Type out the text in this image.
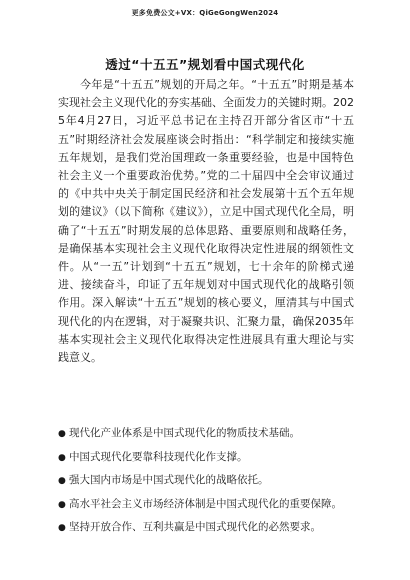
更多免费公文+VX：QiGeGongWen2024
透过“十五五”规划看中国式现代化

今年是“十五五”规划的开局之年。“十五五”时期是基本实现社会主义现代化的夯实基础、全面发力的关键时期。2025年4月27日，习近平总书记在主持召开部分省区市“十五五”时期经济社会发展座谈会时指出：“科学制定和接续实施五年规划，是我们党治国理政一条重要经验，也是中国特色社会主义一个重要政治优势。”党的二十届四中全会审议通过的《中共中央关于制定国民经济和社会发展第十五个五年规划的建议》（以下简称《建议》），立足中国式现代化全局，明确了“十五五”时期发展的总体思路、重要原则和战略任务，是确保基本实现社会主义现代化取得决定性进展的纲领性文件。从“一五”计划到“十五五”规划，七十余年的阶梯式递进、接续奋斗，印证了五年规划对中国式现代化的战略引领作用。深入解读“十五五”规划的核心要义，厘清其与中国式现代化的内在逻辑，对于凝聚共识、汇聚力量，确保2035年基本实现社会主义现代化取得决定性进展具有重大理论与实践意义。

● 现代化产业体系是中国式现代化的物质技术基础。
● 中国式现代化要靠科技现代化作支撑。
● 强大国内市场是中国式现代化的战略依托。
● 高水平社会主义市场经济体制是中国式现代化的重要保障。
● 坚持开放合作、互利共赢是中国式现代化的必然要求。
